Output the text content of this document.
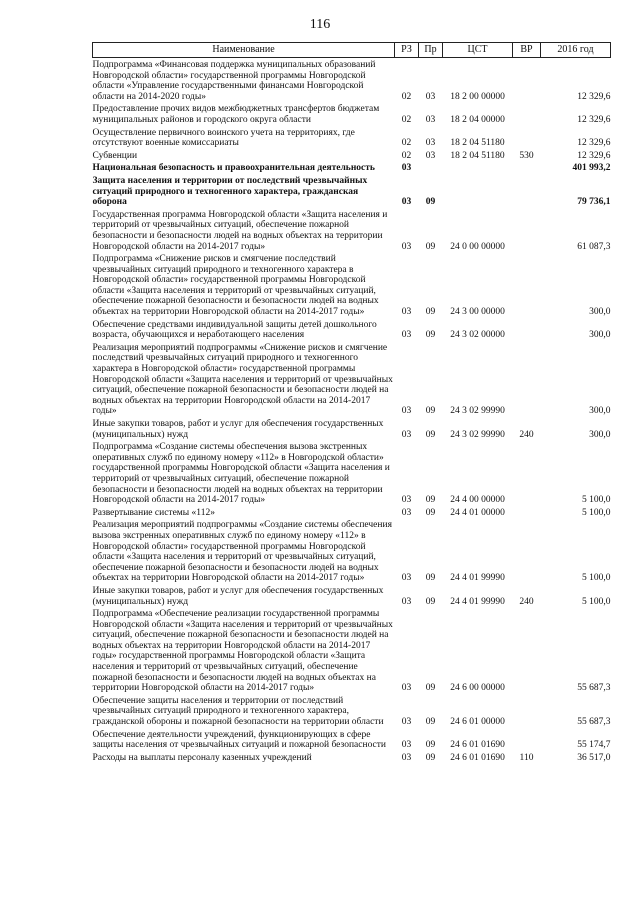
116
Наименование	РЗ	Пр	ЦСТ	ВР	2016 год
Подпрограмма «Финансовая поддержка муниципальных образований Новгородской области» государственной программы Новгородской области «Управление государственными финансами Новгородской области на 2014-2020 годы»	02	03	18 2 00 00000		12 329,6
Предоставление прочих видов межбюджетных трансфертов бюджетам муниципальных районов и городского округа области	02	03	18 2 04 00000		12 329,6
Осуществление первичного воинского учета на территориях, где отсутствуют военные комиссариаты	02	03	18 2 04 51180		12 329,6
Субвенции	02	03	18 2 04 51180	530	12 329,6
Национальная безопасность и правоохранительная деятельность	03				401 993,2
Защита населения и территории от последствий чрезвычайных ситуаций природного и техногенного характера, гражданская оборона	03	09			79 736,1
Государственная программа Новгородской области «Защита населения и территорий от чрезвычайных ситуаций, обеспечение пожарной безопасности и безопасности людей на водных объектах на территории Новгородской области на 2014-2017 годы»	03	09	24 0 00 00000		61 087,3
Подпрограмма «Снижение рисков и смягчение последствий чрезвычайных ситуаций природного и техногенного характера в Новгородской области» государственной программы Новгородской области «Защита населения и территорий от чрезвычайных ситуаций, обеспечение пожарной безопасности и безопасности людей на водных объектах на территории Новгородской области на 2014-2017 годы»	03	09	24 3 00 00000		300,0
Обеспечение средствами индивидуальной защиты детей дошкольного возраста, обучающихся и неработающего населения	03	09	24 3 02 00000		300,0
Реализация мероприятий подпрограммы «Снижение рисков и смягчение последствий чрезвычайных ситуаций природного и техногенного характера в Новгородской области» государственной программы Новгородской области «Защита населения и территорий от чрезвычайных ситуаций, обеспечение пожарной безопасности и безопасности людей на водных объектах на территории Новгородской области на 2014-2017 годы»	03	09	24 3 02 99990		300,0
Иные закупки товаров, работ и услуг для обеспечения государственных (муниципальных) нужд	03	09	24 3 02 99990	240	300,0
Подпрограмма «Создание системы обеспечения вызова экстренных оперативных служб по единому номеру «112» в Новгородской области» государственной программы Новгородской области «Защита населения и территорий от чрезвычайных ситуаций, обеспечение пожарной безопасности и безопасности людей на водных объектах на территории Новгородской области на 2014-2017 годы»	03	09	24 4 00 00000		5 100,0
Развертывание системы «112»	03	09	24 4 01 00000		5 100,0
Реализация мероприятий подпрограммы «Создание системы обеспечения вызова экстренных оперативных служб по единому номеру «112» в Новгородской области» государственной программы Новгородской области «Защита населения и территорий от чрезвычайных ситуаций, обеспечение пожарной безопасности и безопасности людей на водных объектах на территории Новгородской области на 2014-2017 годы»	03	09	24 4 01 99990		5 100,0
Иные закупки товаров, работ и услуг для обеспечения государственных (муниципальных) нужд	03	09	24 4 01 99990	240	5 100,0
Подпрограмма «Обеспечение реализации государственной программы Новгородской области «Защита населения и территорий от чрезвычайных ситуаций, обеспечение пожарной безопасности и безопасности людей на водных объектах на территории Новгородской области на 2014-2017 годы» государственной программы Новгородской области «Защита населения и территорий от чрезвычайных ситуаций, обеспечение пожарной безопасности и безопасности людей на водных объектах на территории Новгородской области на 2014-2017 годы»	03	09	24 6 00 00000		55 687,3
Обеспечение защиты населения и территории от последствий чрезвычайных ситуаций природного и техногенного характера, гражданской обороны и пожарной безопасности на территории области	03	09	24 6 01 00000		55 687,3
Обеспечение деятельности учреждений, функционирующих в сфере защиты населения от чрезвычайных ситуаций и пожарной безопасности	03	09	24 6 01 01690		55 174,7
Расходы на выплаты персоналу казенных учреждений	03	09	24 6 01 01690	110	36 517,0
